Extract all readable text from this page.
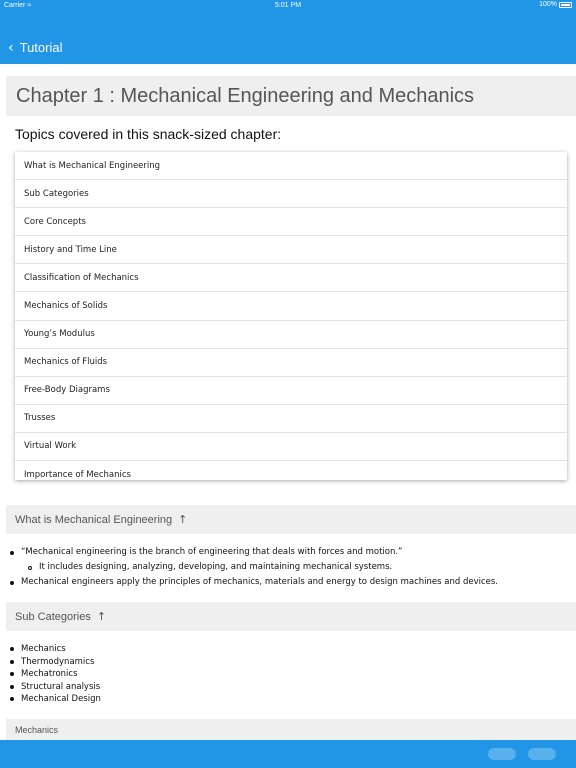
Carrier ≈	5:01 PM	100%
‹ Tutorial
Chapter 1 : Mechanical Engineering and Mechanics
Topics covered in this snack-sized chapter:
What is Mechanical Engineering
Sub Categories
Core Concepts
History and Time Line
Classification of Mechanics
Mechanics of Solids
Young’s Modulus
Mechanics of Fluids
Free-Body Diagrams
Trusses
Virtual Work
Importance of Mechanics
What is Mechanical Engineering ↑
“Mechanical engineering is the branch of engineering that deals with forces and motion.”
It includes designing, analyzing, developing, and maintaining mechanical systems.
Mechanical engineers apply the principles of mechanics, materials and energy to design machines and devices.
Sub Categories ↑
Mechanics
Thermodynamics
Mechatronics
Structural analysis
Mechanical Design
Mechanics
